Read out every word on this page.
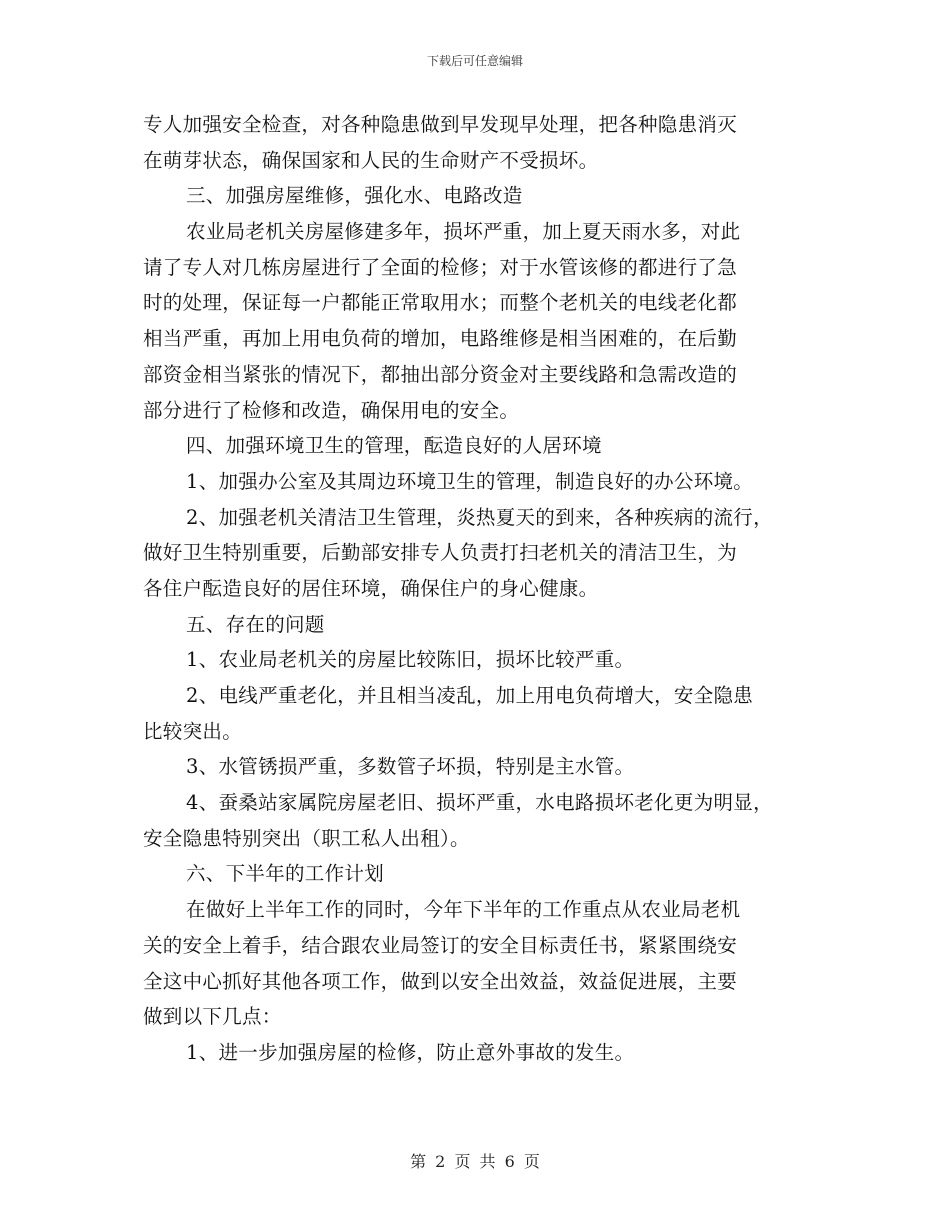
下载后可任意编辑
专人加强安全检查，对各种隐患做到早发现早处理，把各种隐患消灭
在萌芽状态，确保国家和人民的生命财产不受损坏。
三、加强房屋维修，强化水、电路改造
农业局老机关房屋修建多年，损坏严重，加上夏天雨水多，对此
请了专人对几栋房屋进行了全面的检修；对于水管该修的都进行了急
时的处理，保证每一户都能正常取用水；而整个老机关的电线老化都
相当严重，再加上用电负荷的增加，电路维修是相当困难的，在后勤
部资金相当紧张的情况下，都抽出部分资金对主要线路和急需改造的
部分进行了检修和改造，确保用电的安全。
四、加强环境卫生的管理，酝造良好的人居环境
1、加强办公室及其周边环境卫生的管理，制造良好的办公环境。
2、加强老机关清洁卫生管理，炎热夏天的到来，各种疾病的流行，
做好卫生特别重要，后勤部安排专人负责打扫老机关的清洁卫生，为
各住户酝造良好的居住环境，确保住户的身心健康。
五、存在的问题
1、农业局老机关的房屋比较陈旧，损坏比较严重。
2、电线严重老化，并且相当凌乱，加上用电负荷增大，安全隐患
比较突出。
3、水管锈损严重，多数管子坏损，特别是主水管。
4、蚕桑站家属院房屋老旧、损坏严重，水电路损坏老化更为明显，
安全隐患特别突出（职工私人出租）。
六、下半年的工作计划
在做好上半年工作的同时，今年下半年的工作重点从农业局老机
关的安全上着手，结合跟农业局签订的安全目标责任书，紧紧围绕安
全这中心抓好其他各项工作，做到以安全出效益，效益促进展，主要
做到以下几点：
1、进一步加强房屋的检修，防止意外事故的发生。
第 2 页 共 6 页
